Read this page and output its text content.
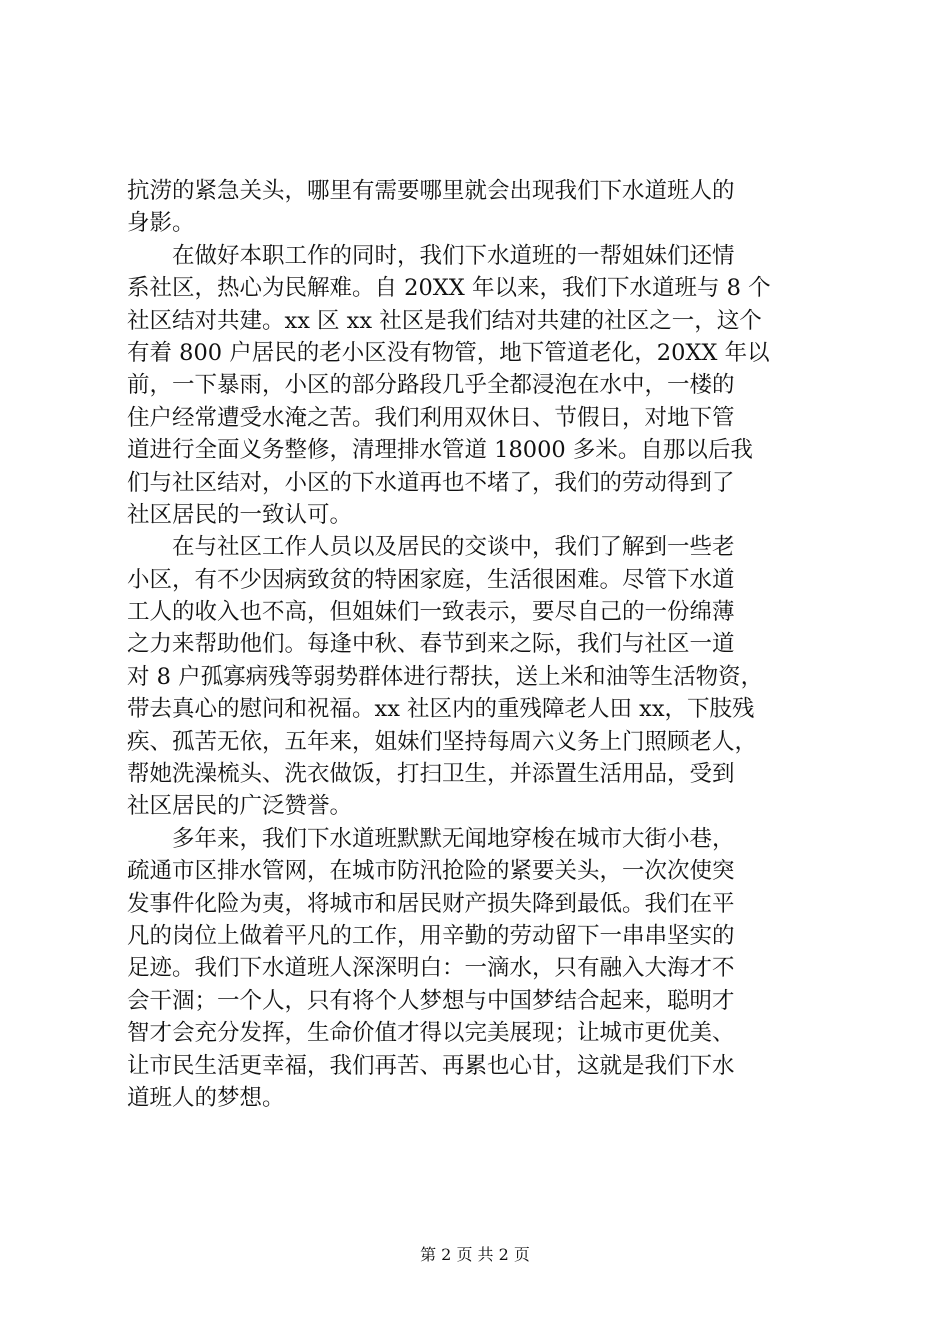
抗涝的紧急关头，哪里有需要哪里就会出现我们下水道班人的
身影。
在做好本职工作的同时，我们下水道班的一帮姐妹们还情
系社区，热心为民解难。自 20XX 年以来，我们下水道班与 8 个
社区结对共建。xx 区 xx 社区是我们结对共建的社区之一，这个
有着 800 户居民的老小区没有物管，地下管道老化，20XX 年以
前，一下暴雨，小区的部分路段几乎全都浸泡在水中，一楼的
住户经常遭受水淹之苦。我们利用双休日、节假日，对地下管
道进行全面义务整修，清理排水管道 18000 多米。自那以后我
们与社区结对，小区的下水道再也不堵了，我们的劳动得到了
社区居民的一致认可。
在与社区工作人员以及居民的交谈中，我们了解到一些老
小区，有不少因病致贫的特困家庭，生活很困难。尽管下水道
工人的收入也不高，但姐妹们一致表示，要尽自己的一份绵薄
之力来帮助他们。每逢中秋、春节到来之际，我们与社区一道
对 8 户孤寡病残等弱势群体进行帮扶，送上米和油等生活物资，
带去真心的慰问和祝福。xx 社区内的重残障老人田 xx，下肢残
疾、孤苦无依，五年来，姐妹们坚持每周六义务上门照顾老人，
帮她洗澡梳头、洗衣做饭，打扫卫生，并添置生活用品，受到
社区居民的广泛赞誉。
多年来，我们下水道班默默无闻地穿梭在城市大街小巷，
疏通市区排水管网，在城市防汛抢险的紧要关头，一次次使突
发事件化险为夷，将城市和居民财产损失降到最低。我们在平
凡的岗位上做着平凡的工作，用辛勤的劳动留下一串串坚实的
足迹。我们下水道班人深深明白：一滴水，只有融入大海才不
会干涸；一个人，只有将个人梦想与中国梦结合起来，聪明才
智才会充分发挥，生命价值才得以完美展现；让城市更优美、
让市民生活更幸福，我们再苦、再累也心甘，这就是我们下水
道班人的梦想。
第 2 页 共 2 页
